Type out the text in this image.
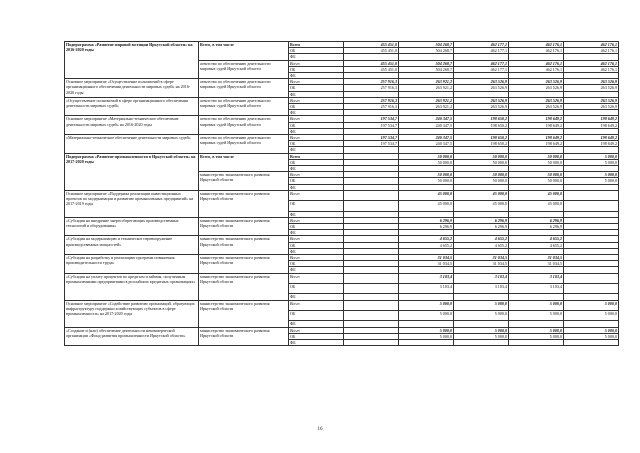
Подпрограмма «Развитие мировой юстиции Иркутской области» на 2016-2020 годы	Всего, в том числе	Всего	455 451,0	504 268,7	462 177,1	462 176,1	462 176,1
		ОБ	455 451,0	504 268,7	462 177,1	462 176,1	462 176,1
		ФБ					
	агентство по обеспечению деятельности мировых судей Иркутской области	Всего	455 451,0	504 268,7	462 177,1	462 176,1	462 176,1
		ОБ	455 451,0	504 268,7	462 177,1	462 176,1	462 176,1
		ФБ					
Основное мероприятие «Осуществление полномочий в сфере организационного обеспечения деятельности мировых судей» на 2016-2020 годы	агентство по обеспечению деятельности мировых судей Иркутской области	Всего	257 916,3	263 921,2	263 526,9	263 526,9	263 526,9
		ОБ	257 916,3	263 921,2	263 526,9	263 526,9	263 526,9
		ФБ					
«Осуществление полномочий в сфере организационного обеспечения деятельности мировых судей»	агентство по обеспечению деятельности мировых судей Иркутской области	Всего	257 916,3	263 921,2	263 526,9	263 526,9	263 526,9
		ОБ	257 916,3	263 921,2	263 526,9	263 526,9	263 526,9
		ФБ					
Основное мероприятие «Материально-техническое обеспечение деятельности мировых судей» на 2016-2020 годы	агентство по обеспечению деятельности мировых судей Иркутской области	Всего	197 534,7	240 347,5	198 650,2	198 649,2	198 649,2
		ОБ	197 534,7	240 347,5	198 650,2	198 649,2	198 649,2
		ФБ					
«Материально-техническое обеспечение деятельности мировых судей»	агентство по обеспечению деятельности мировых судей Иркутской области	Всего	197 534,7	240 347,5	198 650,2	198 649,2	198 649,2
		ОБ	197 534,7	240 347,5	198 650,2	198 649,2	198 649,2
		ФБ					
Подпрограмма «Развитие промышленности в Иркутской области» на 2017-2020 годы	Всего, в том числе	Всего		50 000,0	50 000,0	50 000,0	5 000,0
		ОБ		50 000,0	50 000,0	50 000,0	5 000,0
		ФБ					
	министерство экономического развития Иркутской области	Всего		50 000,0	50 000,0	50 000,0	5 000,0
		ОБ		50 000,0	50 000,0	50 000,0	5 000,0
		ФБ					
Основное мероприятие «Поддержка реализации инвестиционных проектов по модернизации и развитию промышленных предприятий» на 2017-2019 годы	министерство экономического развития Иркутской области	Всего		45 000,0	45 000,0	45 000,0	
		ОБ		45 000,0	45 000,0	45 000,0	
		ФБ					
«Субсидия на внедрение энергосберегающих производственных технологий и оборудования»	министерство экономического развития Иркутской области	Всего		6 296,9	6 296,9	6 296,9	
		ОБ		6 296,9	6 296,9	6 296,9	
		ФБ					
«Субсидия на модернизацию и техническое перевооружение производственных мощностей»	министерство экономического развития Иркутской области	Всего		4 655,2	4 655,2	4 655,2	
		ОБ		4 655,2	4 655,2	4 655,2	
		ФБ					
«Субсидия на разработку и реализацию программ повышения производительности труда»	министерство экономического развития Иркутской области	Всего		31 034,5	31 034,5	31 034,5	
		ОБ		31 034,5	31 034,5	31 034,5	
		ФБ					
«Субсидия на уплату процентов по кредитам и займам, полученным промышленными предприятиями в российских кредитных организациях»	министерство экономического развития Иркутской области	Всего		3 103,4	3 103,4	3 103,4	
		ОБ		3 103,4	3 103,4	3 103,4	
		ФБ					
Основное мероприятие «Содействие развитию организаций, образующих инфраструктуру поддержки хозяйствующих субъектов в сфере промышленности» на 2017-2020 годы	министерство экономического развития Иркутской области	Всего		5 000,0	5 000,0	5 000,0	5 000,0
		ОБ		5 000,0	5 000,0	5 000,0	5 000,0
		ФБ					
«Создание и (или) обеспечение деятельности некоммерческой организации «Фонд развития промышленности Иркутской области»	министерство экономического развития Иркутской области	Всего		5 000,0	5 000,0	5 000,0	5 000,0
		ОБ		5 000,0	5 000,0	5 000,0	5 000,0
		ФБ					
16
